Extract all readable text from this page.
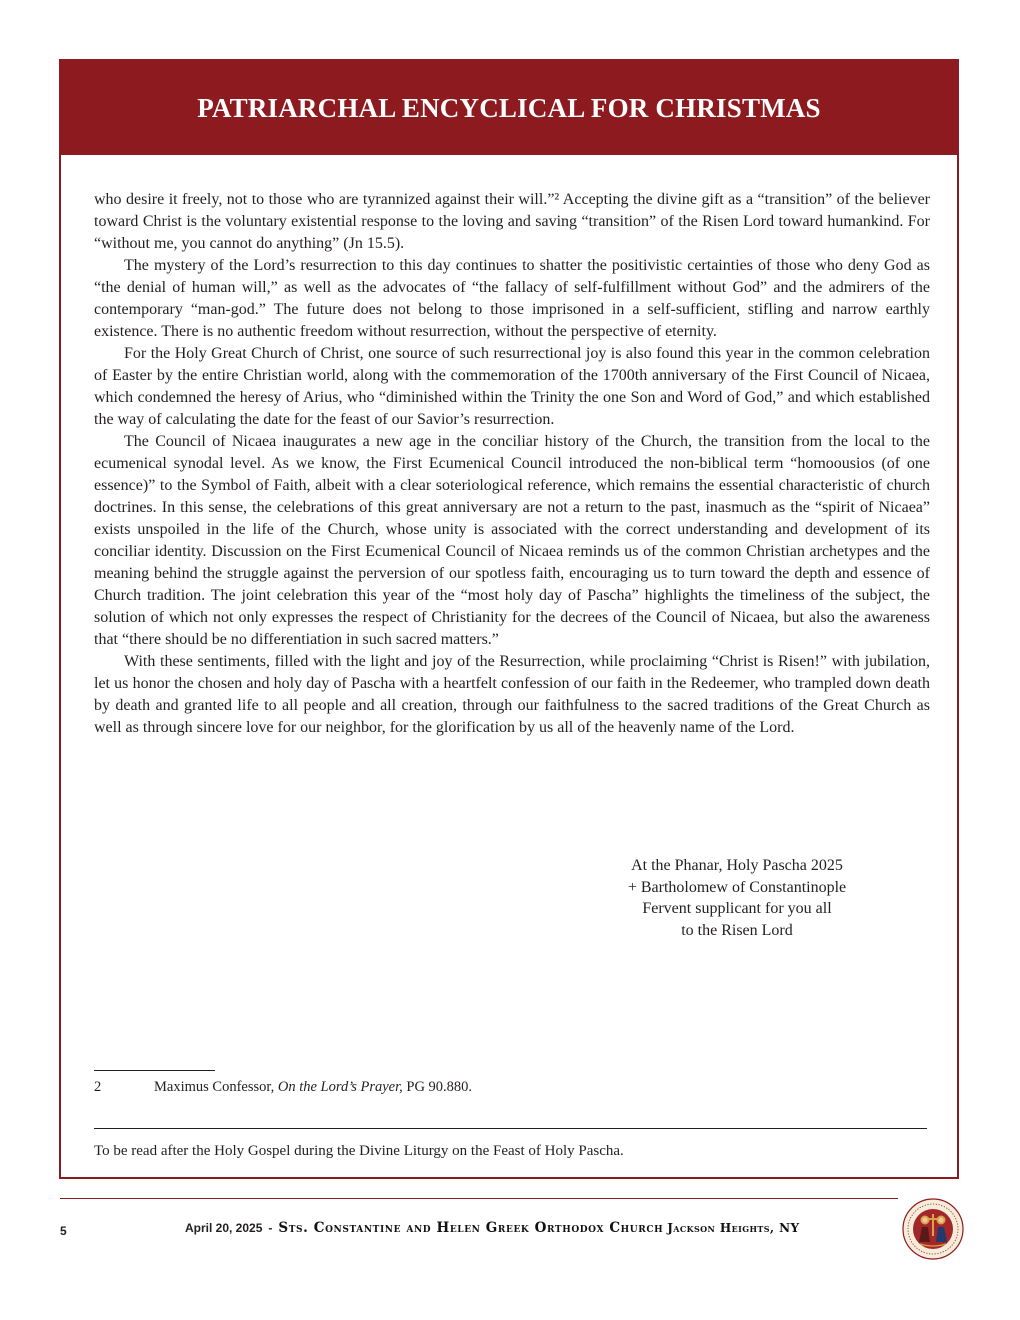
PATRIARCHAL ENCYCLICAL FOR CHRISTMAS

who desire it freely, not to those who are tyrannized against their will.”² Accepting the divine gift as a “transition” of the believer toward Christ is the voluntary existential response to the loving and saving “transition” of the Risen Lord toward humankind. For “without me, you cannot do anything” (Jn 15.5).

The mystery of the Lord’s resurrection to this day continues to shatter the positivistic certainties of those who deny God as “the denial of human will,” as well as the advocates of “the fallacy of self-fulfillment without God” and the admirers of the contemporary “man-god.” The future does not belong to those imprisoned in a self-sufficient, stifling and narrow earthly existence. There is no authentic freedom without resurrection, without the perspective of eternity.

For the Holy Great Church of Christ, one source of such resurrectional joy is also found this year in the common celebration of Easter by the entire Christian world, along with the commemoration of the 1700th anniversary of the First Council of Nicaea, which condemned the heresy of Arius, who “diminished within the Trinity the one Son and Word of God,” and which established the way of calculating the date for the feast of our Savior’s resurrection.

The Council of Nicaea inaugurates a new age in the conciliar history of the Church, the transition from the local to the ecumenical synodal level. As we know, the First Ecumenical Council introduced the non-biblical term “homoousios (of one essence)” to the Symbol of Faith, albeit with a clear soteriological reference, which remains the essential characteristic of church doctrines. In this sense, the celebrations of this great anniversary are not a return to the past, inasmuch as the “spirit of Nicaea” exists unspoiled in the life of the Church, whose unity is associated with the correct understanding and development of its conciliar identity. Discussion on the First Ecumenical Council of Nicaea reminds us of the common Christian archetypes and the meaning behind the struggle against the perversion of our spotless faith, encouraging us to turn toward the depth and essence of Church tradition. The joint celebration this year of the “most holy day of Pascha” highlights the timeliness of the subject, the solution of which not only expresses the respect of Christianity for the decrees of the Council of Nicaea, but also the awareness that “there should be no differentiation in such sacred matters.”

With these sentiments, filled with the light and joy of the Resurrection, while proclaiming “Christ is Risen!” with jubilation, let us honor the chosen and holy day of Pascha with a heartfelt confession of our faith in the Redeemer, who trampled down death by death and granted life to all people and all creation, through our faithfulness to the sacred traditions of the Great Church as well as through sincere love for our neighbor, for the glorification by us all of the heavenly name of the Lord.

At the Phanar, Holy Pascha 2025
+ Bartholomew of Constantinople
Fervent supplicant for you all
to the Risen Lord
2	Maximus Confessor, On the Lord’s Prayer, PG 90.880.
To be read after the Holy Gospel during the Divine Liturgy on the Feast of Holy Pascha.
5	April 20, 2025 - Sts. Constantine and Helen Greek Orthodox Church Jackson Heights, NY
